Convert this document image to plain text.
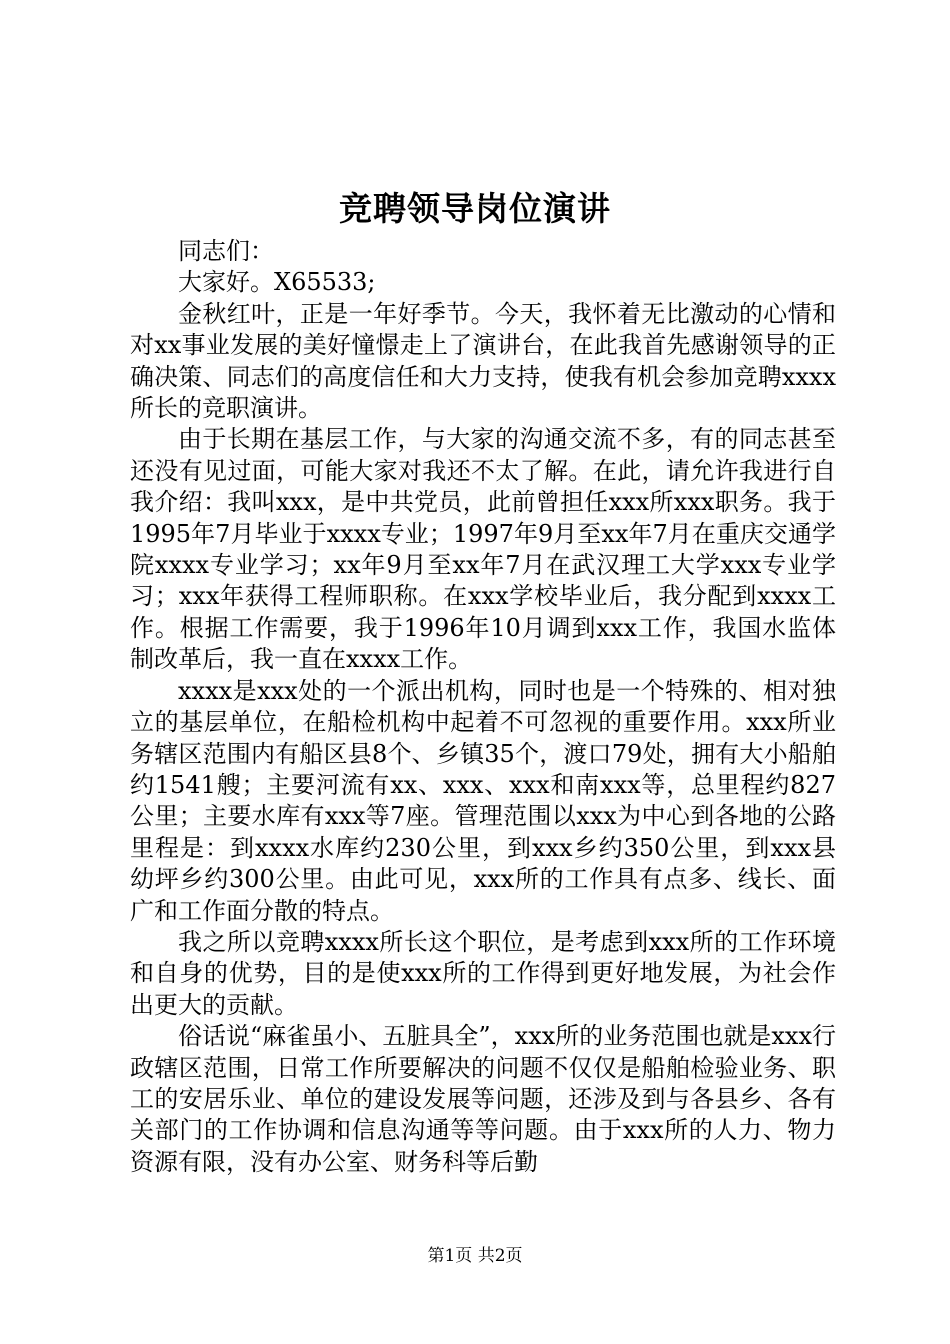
竞聘领导岗位演讲

同志们：

大家好。X65533;

金秋红叶，正是一年好季节。今天，我怀着无比激动的心情和对xx事业发展的美好憧憬走上了演讲台，在此我首先感谢领导的正确决策、同志们的高度信任和大力支持，使我有机会参加竞聘xxxx所长的竞职演讲。

由于长期在基层工作，与大家的沟通交流不多，有的同志甚至还没有见过面，可能大家对我还不太了解。在此，请允许我进行自我介绍：我叫xxx，是中共党员，此前曾担任xxx所xxx职务。我于1995年7月毕业于xxxx专业；1997年9月至xx年7月在重庆交通学院xxxx专业学习；xx年9月至xx年7月在武汉理工大学xxx专业学习；xxx年获得工程师职称。在xxx学校毕业后，我分配到xxxx工作。根据工作需要，我于1996年10月调到xxx工作，我国水监体制改革后，我一直在xxxx工作。

xxxx是xxx处的一个派出机构，同时也是一个特殊的、相对独立的基层单位，在船检机构中起着不可忽视的重要作用。xxx所业务辖区范围内有船区县8个、乡镇35个，渡口79处，拥有大小船舶约1541艘；主要河流有xx、xxx、xxx和南xxx等，总里程约827公里；主要水库有xxx等7座。管理范围以xxx为中心到各地的公路里程是：到xxxx水库约230公里，到xxx乡约350公里，到xxx县幼坪乡约300公里。由此可见，xxx所的工作具有点多、线长、面广和工作面分散的特点。

我之所以竞聘xxxx所长这个职位，是考虑到xxx所的工作环境和自身的优势，目的是使xxx所的工作得到更好地发展，为社会作出更大的贡献。

俗话说“麻雀虽小、五脏具全”，xxx所的业务范围也就是xxx行政辖区范围，日常工作所要解决的问题不仅仅是船舶检验业务、职工的安居乐业、单位的建设发展等问题，还涉及到与各县乡、各有关部门的工作协调和信息沟通等等问题。由于xxx所的人力、物力资源有限，没有办公室、财务科等后勤

第1页 共2页
